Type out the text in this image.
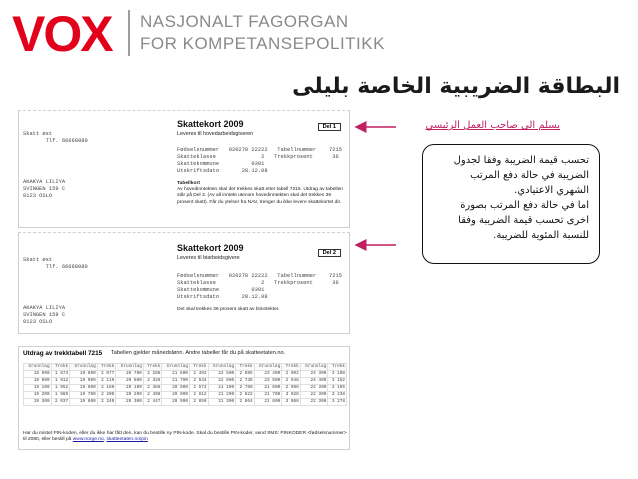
VOX NASJONALT FAGORGAN
FOR KOMPETANSEPOLITIKK
البطاقة الضريبية الخاصة بليلى
Skatt øst
Tlf. 66668080
Skattekort 2009
Leveres til hovedarbeidsgiveren
Del 1
Fødselsnummer   020278 22222   Tabellnummer    7215
Skatteklasse              2   Trekkprosent      36
Skattekommune          0301
Utskriftsdato       28.12.08
AKAKYA LILIYA
SVINGEN 159 C
0123 OSLO
Tabellkort
Av hovedinntekten skal det trekkes skatt etter tabell 7215. Utdrag av tabellen står på Del 3. (Av all inntekt utenom hovedinntekten skal det trekkes 36 prosent skatt). Får du ytelser fra NAV, trenger du ikke levere skattekortet dit.
Skatt øst
Tlf. 66668080
Skattekort 2009
Leveres til biarbeidsgivere
Del 2
Fødselsnummer   020278 22222   Tabellnummer    7215
Skatteklasse              2   Trekkprosent      36
Skattekommune          0301
Utskriftsdato       28.12.08
AKAKYA LILIYA
SVINGEN 159 C
0123 OSLO
Det skal trekkes 36 prosent skatt av biinntekter.
Utdrag av trekktabell 7215 Tabellen gjelder månedslønn. Andre tabeller får du på skatteetaten.no.
Grunnlag	Trekk	Grunnlag	Trekk	Grunnlag	Trekk	Grunnlag	Trekk	Grunnlag	Trekk	Grunnlag	Trekk	Grunnlag	Trekk
18 900	1 873	19 800	2 077	20 700	2 286	21 600	2 493	22 500	2 695	23 400	2 902	24 300	3 108
19 000	1 912	19 900	2 119	20 800	2 326	21 700	2 534	22 600	2 738	23 500	2 948	24 400	3 152
19 100	1 952	19 600	2 160	20 100	2 366	20 900	2 573	21 100	2 780	21 600	2 988	22 300	3 195
19 200	1 989	19 700	2 200	20 200	2 408	20 900	2 612	21 200	2 822	21 700	3 028	22 300	3 238
19 300	2 037	19 800	2 240	20 300	2 447	20 900	2 650	21 300	2 864	21 800	3 068	22 300	3 278
Har du mistet PIN-koden, eller du ikke har fått den, kan du bestille ny PIN-kode. Skal du bestille PIN-koder, send SMS: PINKODER <fødselsnummer> til 2080, eller bestill på www.norge.no, skatteetaten.no/pin
يسلم الى صاحب العمل الرئيسي

تحسب قيمة الضريبة وفقا لجدول

الضريبة في حالة دفع المرتب

الشهري الاعتيادي.

اما في حالة دفع المرتب بصورة

اخرى تحسب قيمة الضريبة وفقا

للنسبة المئوية للضريبة.
